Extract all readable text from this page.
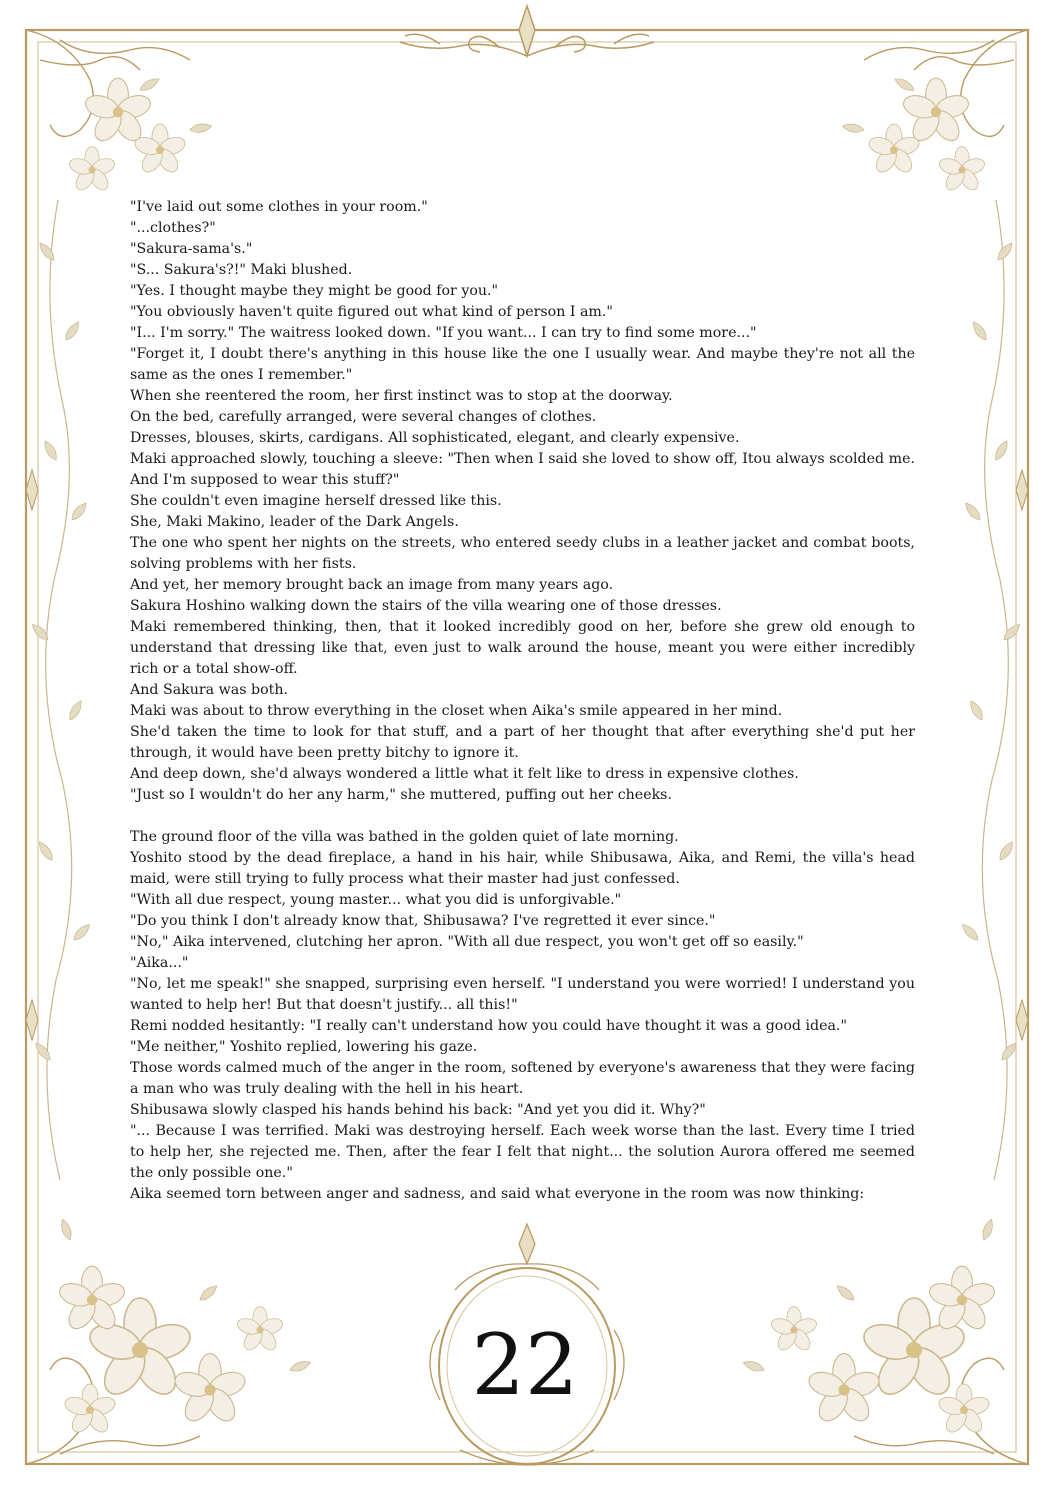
"I've laid out some clothes in your room."

"...clothes?"

"Sakura-sama's."

"S... Sakura's?!" Maki blushed.

"Yes. I thought maybe they might be good for you."

"You obviously haven't quite figured out what kind of person I am."

"I... I'm sorry." The waitress looked down. "If you want... I can try to find some more..."

"Forget it, I doubt there's anything in this house like the one I usually wear. And maybe they're not all the same as the ones I remember."

When she reentered the room, her first instinct was to stop at the doorway.

On the bed, carefully arranged, were several changes of clothes.

Dresses, blouses, skirts, cardigans. All sophisticated, elegant, and clearly expensive.

Maki approached slowly, touching a sleeve: "Then when I said she loved to show off, Itou always scolded me. And I'm supposed to wear this stuff?"

She couldn't even imagine herself dressed like this.

She, Maki Makino, leader of the Dark Angels.

The one who spent her nights on the streets, who entered seedy clubs in a leather jacket and combat boots, solving problems with her fists.

And yet, her memory brought back an image from many years ago.

Sakura Hoshino walking down the stairs of the villa wearing one of those dresses.

Maki remembered thinking, then, that it looked incredibly good on her, before she grew old enough to understand that dressing like that, even just to walk around the house, meant you were either incredibly rich or a total show-off.

And Sakura was both.

Maki was about to throw everything in the closet when Aika's smile appeared in her mind.

She'd taken the time to look for that stuff, and a part of her thought that after everything she'd put her through, it would have been pretty bitchy to ignore it.

And deep down, she'd always wondered a little what it felt like to dress in expensive clothes.

"Just so I wouldn't do her any harm," she muttered, puffing out her cheeks.

The ground floor of the villa was bathed in the golden quiet of late morning.

Yoshito stood by the dead fireplace, a hand in his hair, while Shibusawa, Aika, and Remi, the villa's head maid, were still trying to fully process what their master had just confessed.

"With all due respect, young master... what you did is unforgivable."

"Do you think I don't already know that, Shibusawa? I've regretted it ever since."

"No," Aika intervened, clutching her apron. "With all due respect, you won't get off so easily."

"Aika..."

"No, let me speak!" she snapped, surprising even herself. "I understand you were worried! I understand you wanted to help her! But that doesn't justify... all this!"

Remi nodded hesitantly: "I really can't understand how you could have thought it was a good idea."

"Me neither," Yoshito replied, lowering his gaze.

Those words calmed much of the anger in the room, softened by everyone's awareness that they were facing a man who was truly dealing with the hell in his heart.

Shibusawa slowly clasped his hands behind his back: "And yet you did it. Why?"

"... Because I was terrified. Maki was destroying herself. Each week worse than the last. Every time I tried to help her, she rejected me. Then, after the fear I felt that night... the solution Aurora offered me seemed the only possible one."

Aika seemed torn between anger and sadness, and said what everyone in the room was now thinking:

22
